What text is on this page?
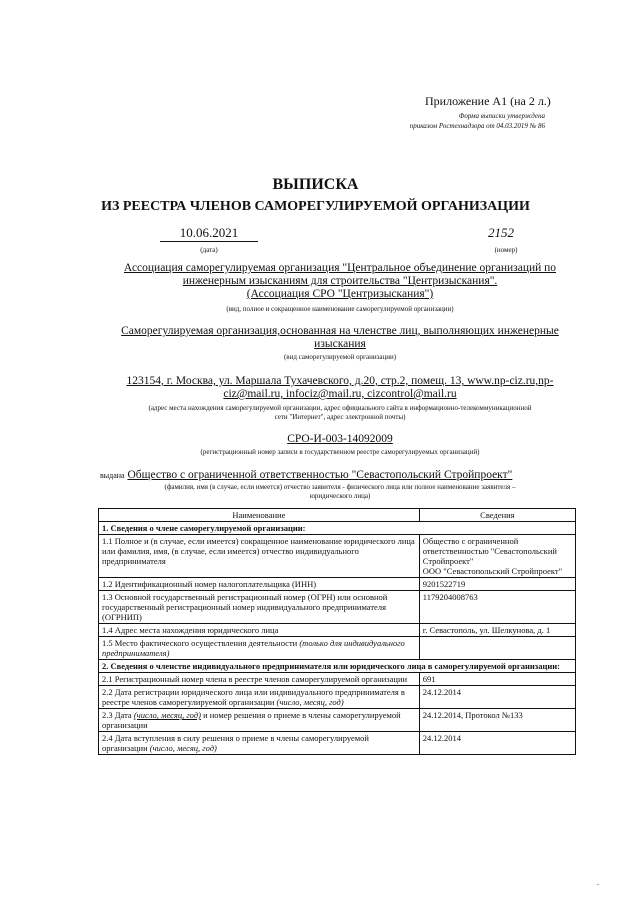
Приложение А1 (на 2 л.)
Форма выписки утверждена
приказом Ростехнадзора от 04.03.2019 № 86
ВЫПИСКА
ИЗ РЕЕСТРА ЧЛЕНОВ САМОРЕГУЛИРУЕМОЙ ОРГАНИЗАЦИИ
10.06.2021
(дата)
2152
(номер)
Ассоциация саморегулируемая организация "Центральное объединение организаций по
инженерным изысканиям для строительства "Центризыскания".
(Ассоциация СРО "Центризыскания")
(вид, полное и сокращенное наименование саморегулируемой организации)
Саморегулируемая организация,основанная на членстве лиц, выполняющих инженерные
изыскания
(вид саморегулируемой организации)
123154, г. Москва, ул. Маршала Тухачевского, д.20, стр.2, помещ. 13, www.np-ciz.ru,np-
ciz@mail.ru, infociz@mail.ru, cizcontrol@mail.ru
(адрес места нахождения саморегулируемой организации, адрес официального сайта в информационно-телекоммуникационной
сети "Интернет", адрес электронной почты)
СРО-И-003-14092009
(регистрационный номер записи в государственном реестре саморегулируемых организаций)
выдана Общество с ограниченной ответственностью "Севастопольский Стройпроект"
(фамилия, имя (в случае, если имеется) отчество заявителя - физического лица или полное наименование заявителя –
юридического лица)
Наименование	Сведения
1. Сведения о члене саморегулируемой организации:	
1.1 Полное и (в случае, если имеется) сокращенное наименование юридического лица или фамилия, имя, (в случае, если имеется) отчество индивидуального предпринимателя	Общество с ограниченной ответственностью "Севастопольский Стройпроект"
ООО "Севастопольский Стройпроект"

1.2 Идентификационный номер налогоплательщика (ИНН)	9201522719
1.3 Основной государственный регистрационный номер (ОГРН) или основной государственный регистрационный номер индивидуального предпринимателя (ОГРНИП)	1179204008763
1.4 Адрес места нахождения юридического лица	г. Севастополь, ул. Шелкунова, д. 1
1.5 Место фактического осуществления деятельности (только для индивидуального предпринимателя)	
2. Сведения о членстве индивидуального предпринимателя или юридического лица в саморегулируемой организации:	
2.1 Регистрационный номер члена в реестре членов саморегулируемой организации	691
2.2 Дата регистрации юридического лица или индивидуального предпринимателя в реестре членов саморегулируемой организации (число, месяц, год)	24.12.2014
2.3 Дата (число, месяц, год) и номер решения о приеме в члены саморегулируемой организации	24.12.2014, Протокол №133
2.4 Дата вступления в силу решения о приеме в члены саморегулируемой организации (число, месяц, год)	24.12.2014
.
